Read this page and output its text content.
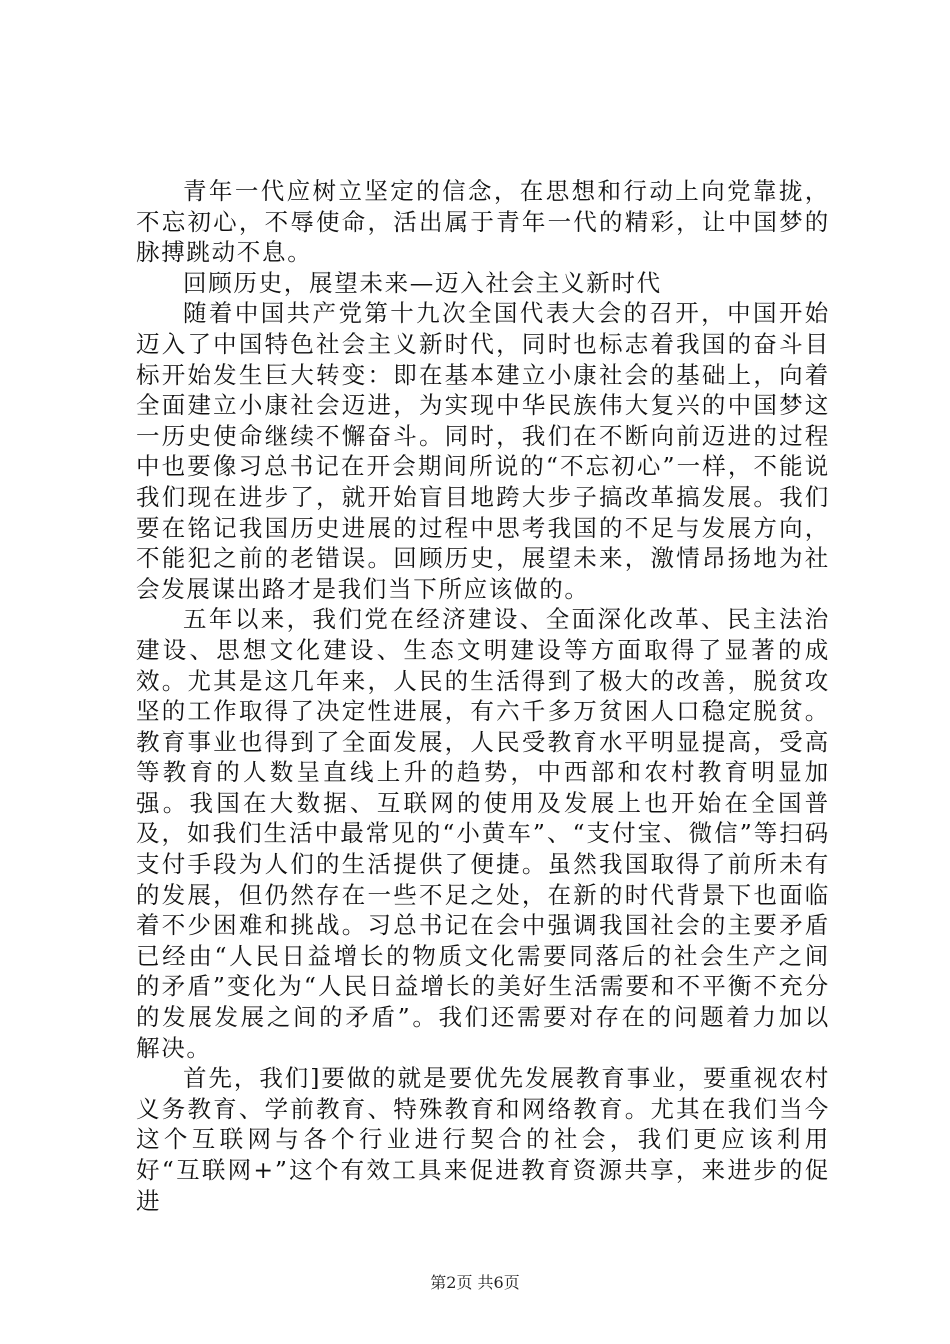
青年一代应树立坚定的信念，在思想和行动上向党靠拢，不忘初心，不辱使命，活出属于青年一代的精彩，让中国梦的脉搏跳动不息。

回顾历史，展望未来—迈入社会主义新时代

随着中国共产党第十九次全国代表大会的召开，中国开始迈入了中国特色社会主义新时代，同时也标志着我国的奋斗目标开始发生巨大转变：即在基本建立小康社会的基础上，向着全面建立小康社会迈进，为实现中华民族伟大复兴的中国梦这一历史使命继续不懈奋斗。同时，我们在不断向前迈进的过程中也要像习总书记在开会期间所说的“不忘初心”一样，不能说我们现在进步了，就开始盲目地跨大步子搞改革搞发展。我们要在铭记我国历史进展的过程中思考我国的不足与发展方向，不能犯之前的老错误。回顾历史，展望未来，激情昂扬地为社会发展谋出路才是我们当下所应该做的。

五年以来，我们党在经济建设、全面深化改革、民主法治建设、思想文化建设、生态文明建设等方面取得了显著的成效。尤其是这几年来，人民的生活得到了极大的改善，脱贫攻坚的工作取得了决定性进展，有六千多万贫困人口稳定脱贫。教育事业也得到了全面发展，人民受教育水平明显提高，受高等教育的人数呈直线上升的趋势，中西部和农村教育明显加强。我国在大数据、互联网的使用及发展上也开始在全国普及，如我们生活中最常见的“小黄车”、“支付宝、微信”等扫码支付手段为人们的生活提供了便捷。虽然我国取得了前所未有的发展，但仍然存在一些不足之处，在新的时代背景下也面临着不少困难和挑战。习总书记在会中强调我国社会的主要矛盾已经由“人民日益增长的物质文化需要同落后的社会生产之间的矛盾”变化为“人民日益增长的美好生活需要和不平衡不充分的发展发展之间的矛盾”。我们还需要对存在的问题着力加以解决。

首先，我们]要做的就是要优先发展教育事业，要重视农村义务教育、学前教育、特殊教育和网络教育。尤其在我们当今这个互联网与各个行业进行契合的社会，我们更应该利用好“互联网+”这个有效工具来促进教育资源共享，来进步的促进

第2页 共6页
